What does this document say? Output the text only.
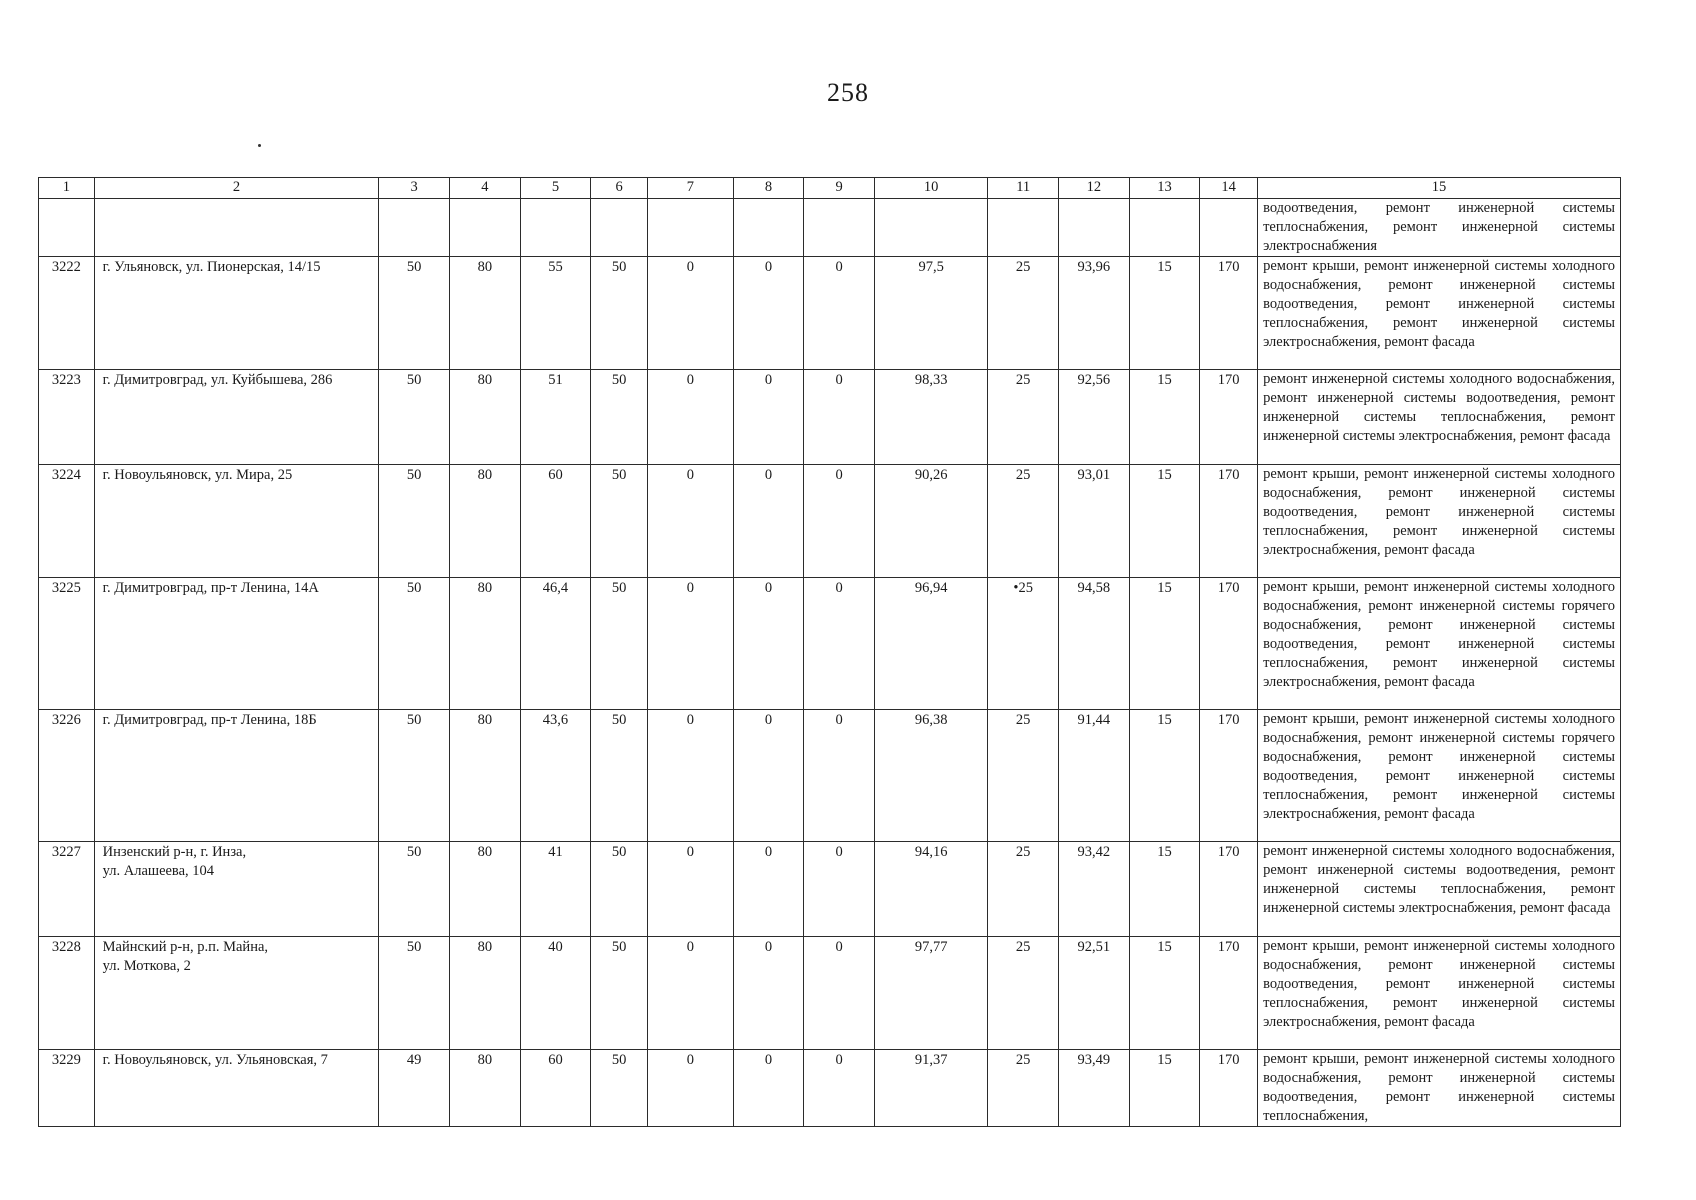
258
1	2	3	4	5	6	7	8	9	10	11	12	13	14	15
														водоотведения, ремонт инженерной системы теплоснабжения, ремонт инженерной системы электроснабжения
3222	г. Ульяновск, ул. Пионерская, 14/15	50	80	55	50	0	0	0	97,5	25	93,96	15	170	ремонт крыши, ремонт инженерной системы холодного водоснабжения, ремонт инженерной системы водоотведения, ремонт инженерной системы теплоснабжения, ремонт инженерной системы электроснабжения, ремонт фасада
3223	г. Димитровград, ул. Куйбышева, 286	50	80	51	50	0	0	0	98,33	25	92,56	15	170	ремонт инженерной системы холодного водоснабжения, ремонт инженерной системы водоотведения, ремонт инженерной системы теплоснабжения, ремонт инженерной системы электроснабжения, ремонт фасада
3224	г. Новоульяновск, ул. Мира, 25	50	80	60	50	0	0	0	90,26	25	93,01	15	170	ремонт крыши, ремонт инженерной системы холодного водоснабжения, ремонт инженерной системы водоотведения, ремонт инженерной системы теплоснабжения, ремонт инженерной системы электроснабжения, ремонт фасада
3225	г. Димитровград, пр-т Ленина, 14А	50	80	46,4	50	0	0	0	96,94	•25	94,58	15	170	ремонт крыши, ремонт инженерной системы холодного водоснабжения, ремонт инженерной системы горячего водоснабжения, ремонт инженерной системы водоотведения, ремонт инженерной системы теплоснабжения, ремонт инженерной системы электроснабжения, ремонт фасада
3226	г. Димитровград, пр-т Ленина, 18Б	50	80	43,6	50	0	0	0	96,38	25	91,44	15	170	ремонт крыши, ремонт инженерной системы холодного водоснабжения, ремонт инженерной системы горячего водоснабжения, ремонт инженерной системы водоотведения, ремонт инженерной системы теплоснабжения, ремонт инженерной системы электроснабжения, ремонт фасада
3227	Инзенский р-н, г. Инза,
ул. Алашеева, 104	50	80	41	50	0	0	0	94,16	25	93,42	15	170	ремонт инженерной системы холодного водоснабжения, ремонт инженерной системы водоотведения, ремонт инженерной системы теплоснабжения, ремонт инженерной системы электроснабжения, ремонт фасада
3228	Майнский р-н, р.п. Майна,
ул. Моткова, 2	50	80	40	50	0	0	0	97,77	25	92,51	15	170	ремонт крыши, ремонт инженерной системы холодного водоснабжения, ремонт инженерной системы водоотведения, ремонт инженерной системы теплоснабжения, ремонт инженерной системы электроснабжения, ремонт фасада
3229	г. Новоульяновск, ул. Ульяновская, 7	49	80	60	50	0	0	0	91,37	25	93,49	15	170	ремонт крыши, ремонт инженерной системы холодного водоснабжения, ремонт инженерной системы водоотведения, ремонт инженерной системы теплоснабжения,
